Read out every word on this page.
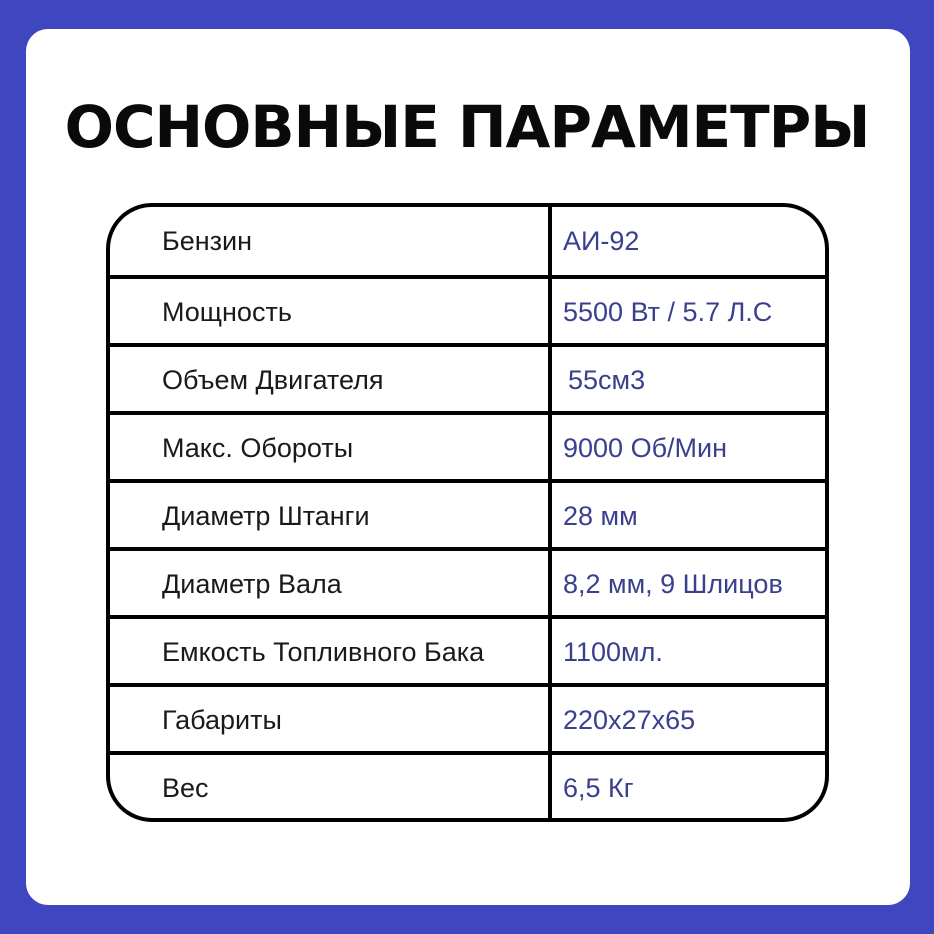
ОСНОВНЫЕ ПАРАМЕТРЫ
Бензин	АИ-92
Мощность	5500 Вт / 5.7 Л.С
Объем Двигателя	55см3
Макс. Обороты	9000 Об/Мин
Диаметр Штанги	28 мм
Диаметр Вала	8,2 мм, 9 Шлицов
Емкость Топливного Бака	1100мл.
Габариты	220x27x65
Вес	6,5 Кг
